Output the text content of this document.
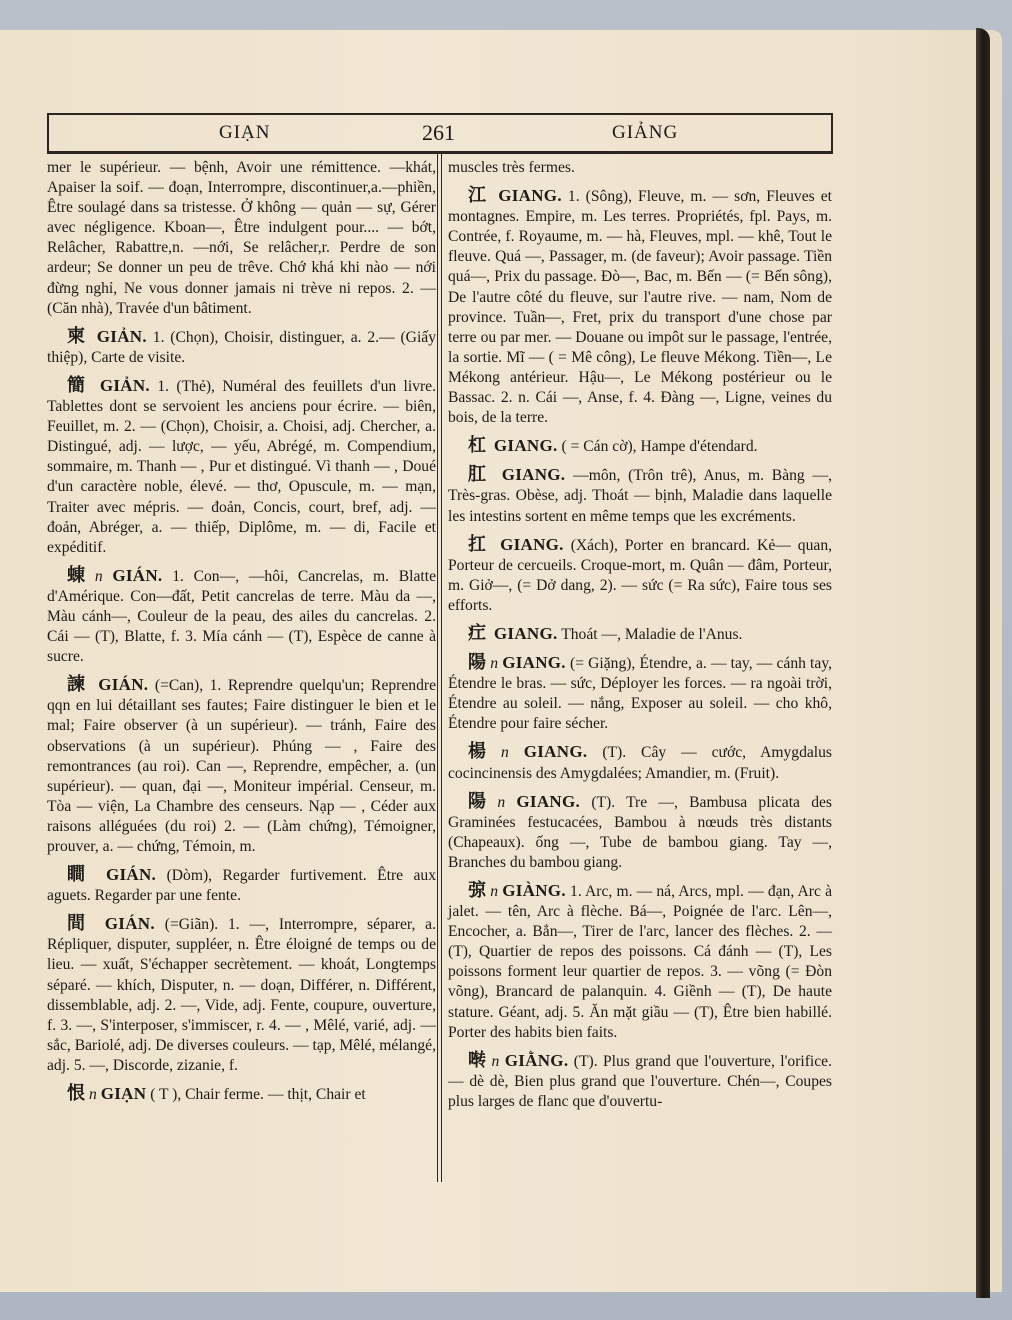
GIẠN	261	GIẢNG

mer le supérieur. — bệnh, Avoir une rémittence. —khát, Apaiser la soif. — đoạn, Interrompre, discontinuer,a.—phiền, Être soulagé dans sa tristesse. Ở không — quản — sự, Gérer avec négligence. Kboan—, Être indulgent pour.... — bớt, Relâcher, Rabattre,n. —nới, Se relâcher,r. Perdre de son ardeur; Se donner un peu de trêve. Chớ khá khi nào — nới đừng nghỉ, Ne vous donner jamais ni trève ni repos. 2. — (Căn nhà), Travée d'un bâtiment.

柬 GIẢN. 1. (Chọn), Choisir, distinguer, a. 2.— (Giấy thiệp), Carte de visite.

簡 GIẢN. 1. (Thẻ), Numéral des feuillets d'un livre. Tablettes dont se servoient les anciens pour écrire. — biên, Feuillet, m. 2. — (Chọn), Choisir, a. Choisi, adj. Chercher, a. Distingué, adj. — lược, — yếu, Abrégé, m. Compendium, sommaire, m. Thanh — , Pur et distingué. Vì thanh — , Doué d'un caractère noble, élevé. — thơ, Opuscule, m. — mạn, Traiter avec mépris. — đoản, Concis, court, bref, adj. — đoản, Abréger, a. — thiếp, Diplôme, m. — di, Facile et expéditif.

蝀 n GIÁN. 1. Con—, —hôi, Cancrelas, m. Blatte d'Amérique. Con—đất, Petit cancrelas de terre. Màu da —, Màu cánh—, Couleur de la peau, des ailes du cancrelas. 2. Cái — (T), Blatte, f. 3. Mía cánh — (T), Espèce de canne à sucre.

諫 GIÁN. (=Can), 1. Reprendre quelqu'un; Reprendre qqn en lui détaillant ses fautes; Faire distinguer le bien et le mal; Faire observer (à un supérieur). — tránh, Faire des observations (à un supérieur). Phúng — , Faire des remontrances (au roi). Can —, Reprendre, empêcher, a. (un supérieur). — quan, đại —, Moniteur impérial. Censeur, m. Tòa — viện, La Chambre des censeurs. Nạp — , Céder aux raisons alléguées (du roi) 2. — (Làm chứng), Témoigner, prouver, a. — chứng, Témoin, m.

瞷 GIÁN. (Dòm), Regarder furtivement. Être aux aguets. Regarder par une fente.

間 GIÁN. (=Giãn). 1. —, Interrompre, séparer, a. Répliquer, disputer, suppléer, n. Être éloigné de temps ou de lieu. — xuất, S'échapper secrètement. — khoát, Longtemps séparé. — khích, Disputer, n. — doạn, Différer, n. Différent, dissemblable, adj. 2. —, Vide, adj. Fente, coupure, ouverture, f. 3. —, S'interposer, s'immiscer, r. 4. — , Mêlé, varié, adj. — sắc, Bariolé, adj. De diverses couleurs. — tạp, Mêlé, mélangé, adj. 5. —, Discorde, zizanie, f.

恨 n GIẠN ( T ), Chair ferme. — thịt, Chair et

muscles très fermes.

江 GIANG. 1. (Sông), Fleuve, m. — sơn, Fleuves et montagnes. Empire, m. Les terres. Propriétés, fpl. Pays, m. Contrée, f. Royaume, m. — hà, Fleuves, mpl. — khê, Tout le fleuve. Quá —, Passager, m. (de faveur); Avoir passage. Tiền quá—, Prix du passage. Đò—, Bac, m. Bến — (= Bến sông), De l'autre côté du fleuve, sur l'autre rive. — nam, Nom de province. Tuần—, Fret, prix du transport d'une chose par terre ou par mer. — Douane ou impôt sur le passage, l'entrée, la sortie. Mĩ — ( = Mê công), Le fleuve Mékong. Tiền—, Le Mékong antérieur. Hậu—, Le Mékong postérieur ou le Bassac. 2. n. Cái —, Anse, f. 4. Đàng —, Ligne, veines du bois, de la terre.

杠 GIANG. ( = Cán cờ), Hampe d'étendard.

肛 GIANG. —môn, (Trôn trê), Anus, m. Bàng —, Très-gras. Obèse, adj. Thoát — bịnh, Maladie dans laquelle les intestins sortent en même temps que les excréments.

扛 GIANG. (Xách), Porter en brancard. Kẻ— quan, Porteur de cercueils. Croque-mort, m. Quân — đâm, Porteur, m. Giở—, (= Dở dang, 2). — sức (= Ra sức), Faire tous ses efforts.

疘 GIANG. Thoát —, Maladie de l'Anus.

陽 n GIANG. (= Giặng), Étendre, a. — tay, — cánh tay, Étendre le bras. — sức, Déployer les forces. — ra ngoài trời, Étendre au soleil. — nắng, Exposer au soleil. — cho khô, Étendre pour faire sécher.

楊 n GIANG. (T). Cây — cước, Amygdalus cocincinensis des Amygdalées; Amandier, m. (Fruit).

陽 n GIANG. (T). Tre —, Bambusa plicata des Graminées festucacées, Bambou à nœuds très distants (Chapeaux). ống —, Tube de bambou giang. Tay —, Branches du bambou giang.

弶 n GIÀNG. 1. Arc, m. — ná, Arcs, mpl. — đạn, Arc à jalet. — tên, Arc à flèche. Bá—, Poignée de l'arc. Lên—, Encocher, a. Bắn—, Tirer de l'arc, lancer des flèches. 2. — (T), Quartier de repos des poissons. Cá đánh — (T), Les poissons forment leur quartier de repos. 3. — võng (= Đòn võng), Brancard de palanquin. 4. Giềnh — (T), De haute stature. Géant, adj. 5. Ăn mặt giầu — (T), Être bien habillé. Porter des habits bien faits.

啭 n GIẰNG. (T). Plus grand que l'ouverture, l'orifice. — dè dè, Bien plus grand que l'ouverture. Chén—, Coupes plus larges de flanc que d'ouvertu-
